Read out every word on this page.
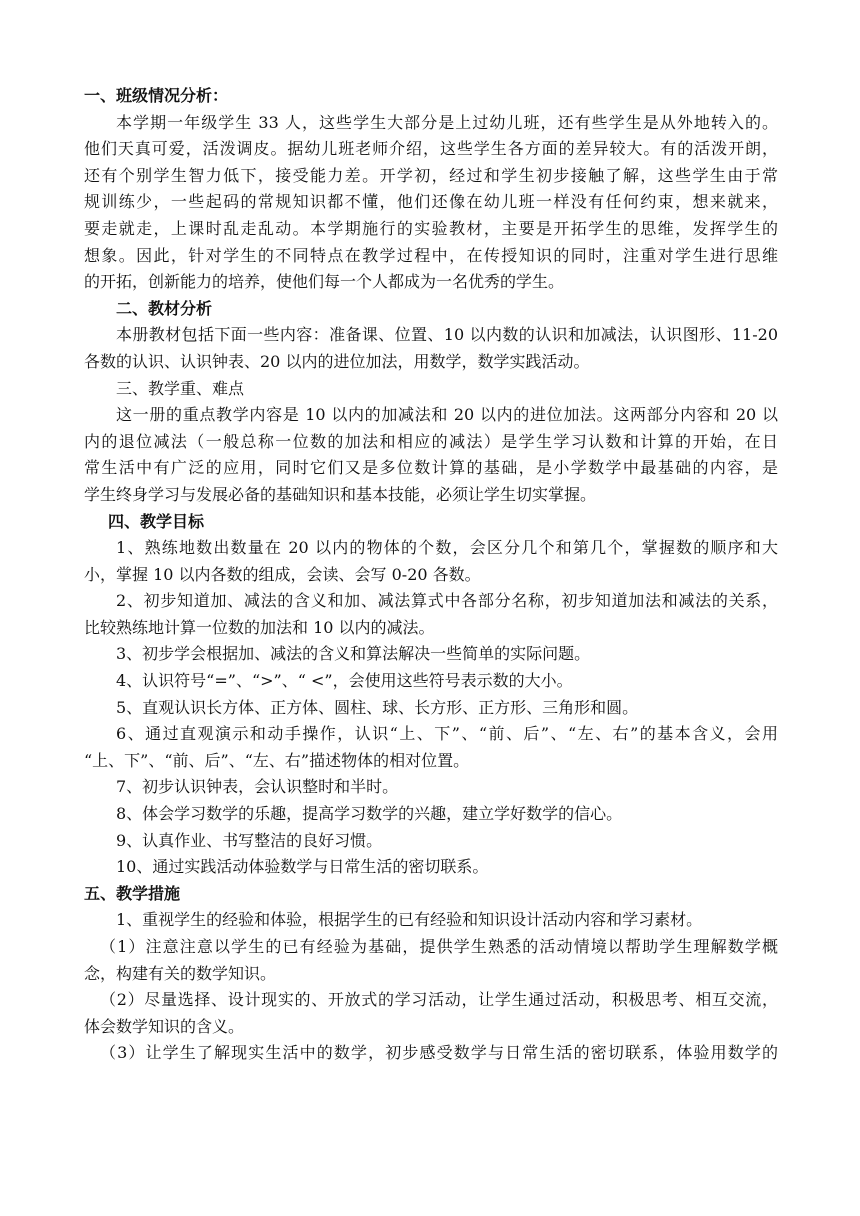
一、班级情况分析：
本学期一年级学生 33 人，这些学生大部分是上过幼儿班，还有些学生是从外地转入的。
他们天真可爱，活泼调皮。据幼儿班老师介绍，这些学生各方面的差异较大。有的活泼开朗，
还有个别学生智力低下，接受能力差。开学初，经过和学生初步接触了解，这些学生由于常
规训练少，一些起码的常规知识都不懂，他们还像在幼儿班一样没有任何约束，想来就来，
要走就走，上课时乱走乱动。本学期施行的实验教材，主要是开拓学生的思维，发挥学生的
想象。因此，针对学生的不同特点在教学过程中，在传授知识的同时，注重对学生进行思维
的开拓，创新能力的培养，使他们每一个人都成为一名优秀的学生。
二、教材分析
本册教材包括下面一些内容：准备课、位置、10 以内数的认识和加减法，认识图形、11-20
各数的认识、认识钟表、20 以内的进位加法，用数学，数学实践活动。
三、教学重、难点
这一册的重点教学内容是 10 以内的加减法和 20 以内的进位加法。这两部分内容和 20 以
内的退位减法（一般总称一位数的加法和相应的减法）是学生学习认数和计算的开始，在日
常生活中有广泛的应用，同时它们又是多位数计算的基础，是小学数学中最基础的内容，是
学生终身学习与发展必备的基础知识和基本技能，必须让学生切实掌握。
四、教学目标
1、熟练地数出数量在 20 以内的物体的个数，会区分几个和第几个，掌握数的顺序和大
小，掌握 10 以内各数的组成，会读、会写 0-20 各数。
2、初步知道加、减法的含义和加、减法算式中各部分名称，初步知道加法和减法的关系，
比较熟练地计算一位数的加法和 10 以内的减法。
3、初步学会根据加、减法的含义和算法解决一些简单的实际问题。
4、认识符号“=”、“>”、“ <”，会使用这些符号表示数的大小。
5、直观认识长方体、正方体、圆柱、球、长方形、正方形、三角形和圆。
6、通过直观演示和动手操作，认识“上、下”、“前、后”、“左、右”的基本含义，会用
“上、下”、“前、后”、“左、右”描述物体的相对位置。
7、初步认识钟表，会认识整时和半时。
8、体会学习数学的乐趣，提高学习数学的兴趣，建立学好数学的信心。
9、认真作业、书写整洁的良好习惯。
10、通过实践活动体验数学与日常生活的密切联系。
五、教学措施
1、重视学生的经验和体验，根据学生的已有经验和知识设计活动内容和学习素材。
（1）注意注意以学生的已有经验为基础，提供学生熟悉的活动情境以帮助学生理解数学概
念，构建有关的数学知识。
（2）尽量选择、设计现实的、开放式的学习活动，让学生通过活动，积极思考、相互交流，
体会数学知识的含义。
（3）让学生了解现实生活中的数学，初步感受数学与日常生活的密切联系，体验用数学的
